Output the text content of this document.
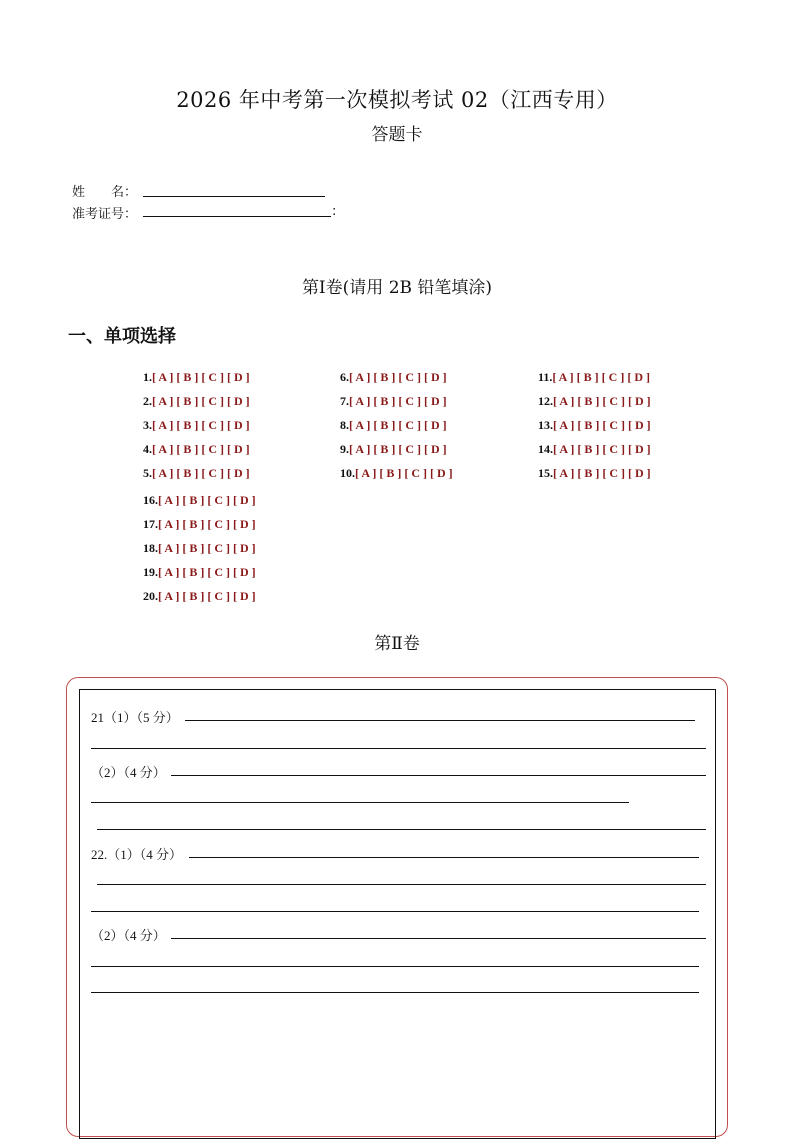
2026 年中考第一次模拟考试 02（江西专用）
答题卡
姓　　名：
准考证号：	:
第Ⅰ卷(请用 2B 铅笔填涂)
一、单项选择
1.[ A ] [ B ] [ C ] [ D ]
2.[ A ] [ B ] [ C ] [ D ]
3.[ A ] [ B ] [ C ] [ D ]
4.[ A ] [ B ] [ C ] [ D ]
5.[ A ] [ B ] [ C ] [ D ]
6.[ A ] [ B ] [ C ] [ D ]
7.[ A ] [ B ] [ C ] [ D ]
8.[ A ] [ B ] [ C ] [ D ]
9.[ A ] [ B ] [ C ] [ D ]
10.[ A ] [ B ] [ C ] [ D ]
11.[ A ] [ B ] [ C ] [ D ]
12.[ A ] [ B ] [ C ] [ D ]
13.[ A ] [ B ] [ C ] [ D ]
14.[ A ] [ B ] [ C ] [ D ]
15.[ A ] [ B ] [ C ] [ D ]
16.[ A ] [ B ] [ C ] [ D ]
17.[ A ] [ B ] [ C ] [ D ]
18.[ A ] [ B ] [ C ] [ D ]
19.[ A ] [ B ] [ C ] [ D ]
20.[ A ] [ B ] [ C ] [ D ]
第Ⅱ卷
21（1）（5 分）
（2）（4 分）
22.（1）（4 分）
（2）（4 分）
